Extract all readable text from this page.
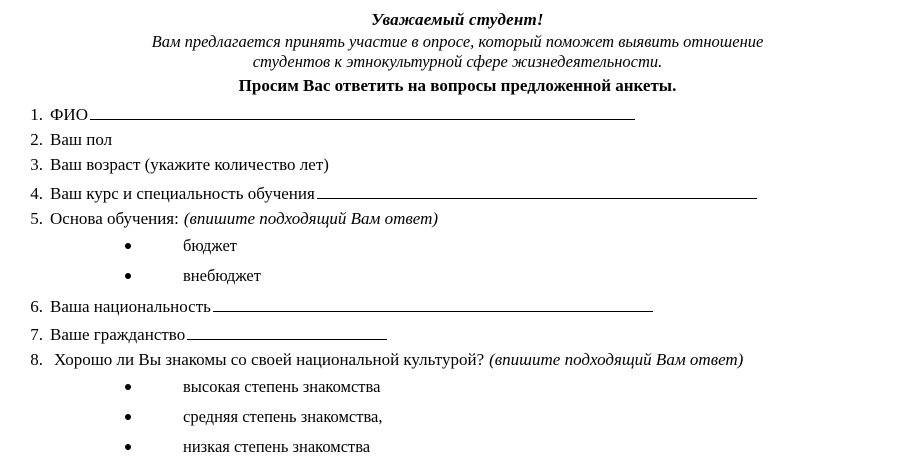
Уважаемый студент!
Вам предлагается принять участие в опросе, который поможет выявить отношение
студентов к этнокультурной сфере жизнедеятельности.
Просим Вас ответить на вопросы предложенной анкеты.
1. ФИО
2. Ваш пол
3. Ваш возраст (укажите количество лет)
4. Ваш курс и специальность обучения
5. Основа обучения: (впишите подходящий Вам ответ)
бюджет
внебюджет
6. Ваша национальность
7. Ваше гражданство
8. Хорошо ли Вы знакомы со своей национальной культурой? (впишите подходящий Вам ответ)
высокая степень знакомства
средняя степень знакомства,
низкая степень знакомства
